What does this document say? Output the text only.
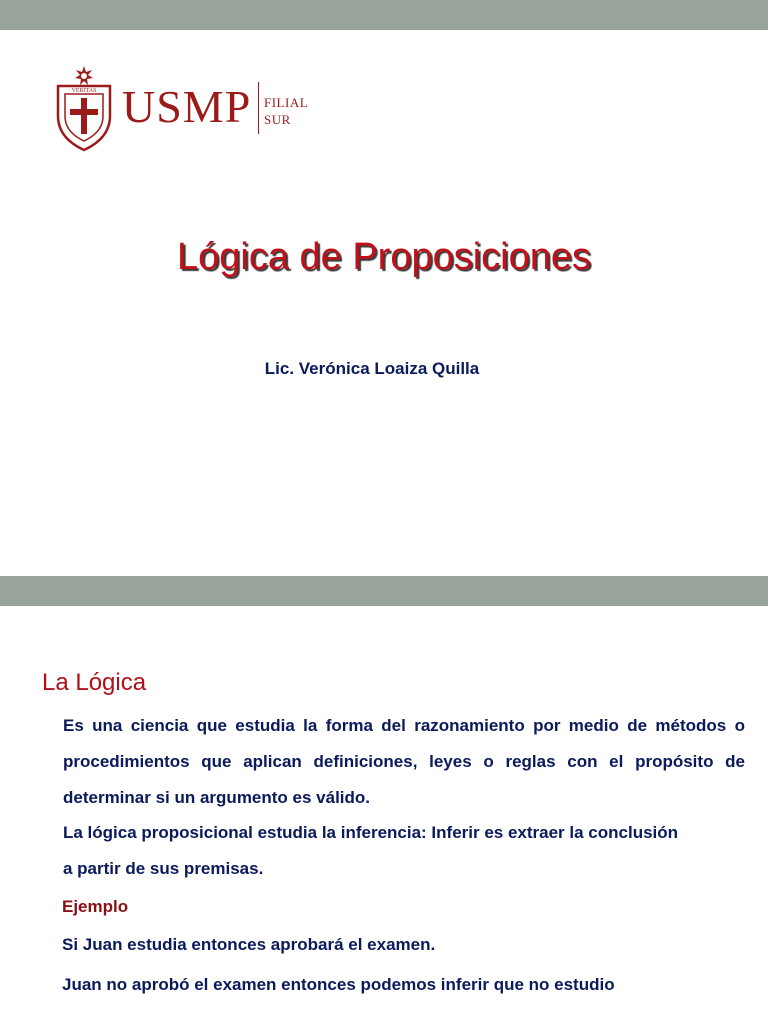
VERITAS USMP FILIAL
SUR
Lógica de Proposiciones
Lic. Verónica Loaiza Quilla
La Lógica
Es una ciencia que estudia la forma del razonamiento por medio de métodos o procedimientos que aplican definiciones, leyes o reglas con el propósito de determinar si un argumento es válido.
La lógica proposicional estudia la inferencia: Inferir es extraer la conclusión a partir de sus premisas.
Ejemplo
Si Juan estudia entonces aprobará el examen.
Juan no aprobó el examen entonces podemos inferir que no estudio
